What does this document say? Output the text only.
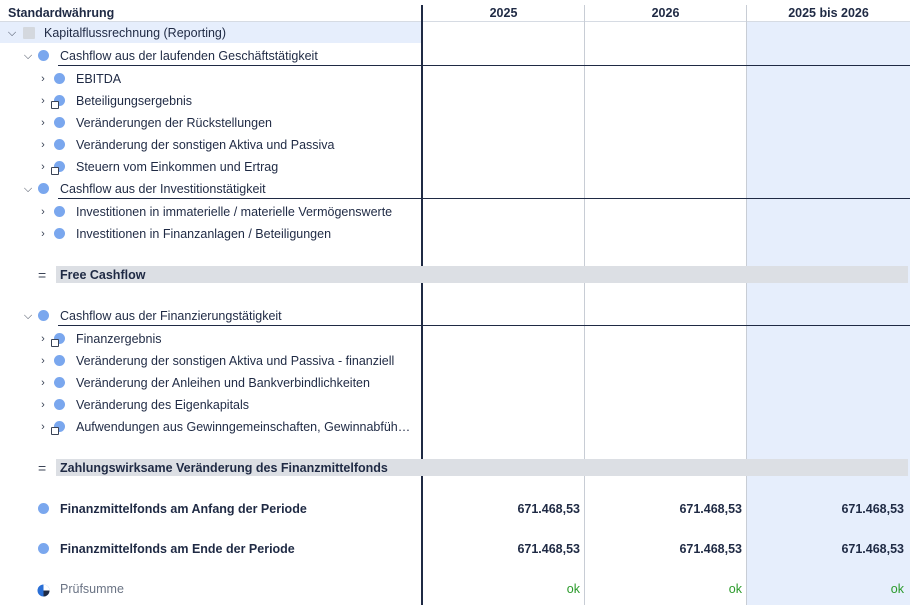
Standardwährung	2025	2026	2025 bis 2026
⌵ Kapitalflussrechnung (Reporting)
⌵ Cashflow aus der laufenden Geschäftstätigkeit
›	EBITDA
›	Beteiligungsergebnis
›	Veränderungen der Rückstellungen
›	Veränderung der sonstigen Aktiva und Passiva
›	Steuern vom Einkommen und Ertrag
⌵ Cashflow aus der Investitionstätigkeit
›	Investitionen in immaterielle / materielle Vermögenswerte
›	Investitionen in Finanzanlagen / Beteiligungen
= Free Cashflow
⌵ Cashflow aus der Finanzierungstätigkeit
›	Finanzergebnis
›	Veränderung der sonstigen Aktiva und Passiva - finanziell
›	Veränderung der Anleihen und Bankverbindlichkeiten
›	Veränderung des Eigenkapitals
›	Aufwendungen aus Gewinngemeinschaften, Gewinnabfüh…
= Zahlungswirksame Veränderung des Finanzmittelfonds
Finanzmittelfonds am Anfang der Periode	671.468,53	671.468,53	671.468,53
Finanzmittelfonds am Ende der Periode	671.468,53	671.468,53	671.468,53
Prüfsumme	ok	ok	ok
